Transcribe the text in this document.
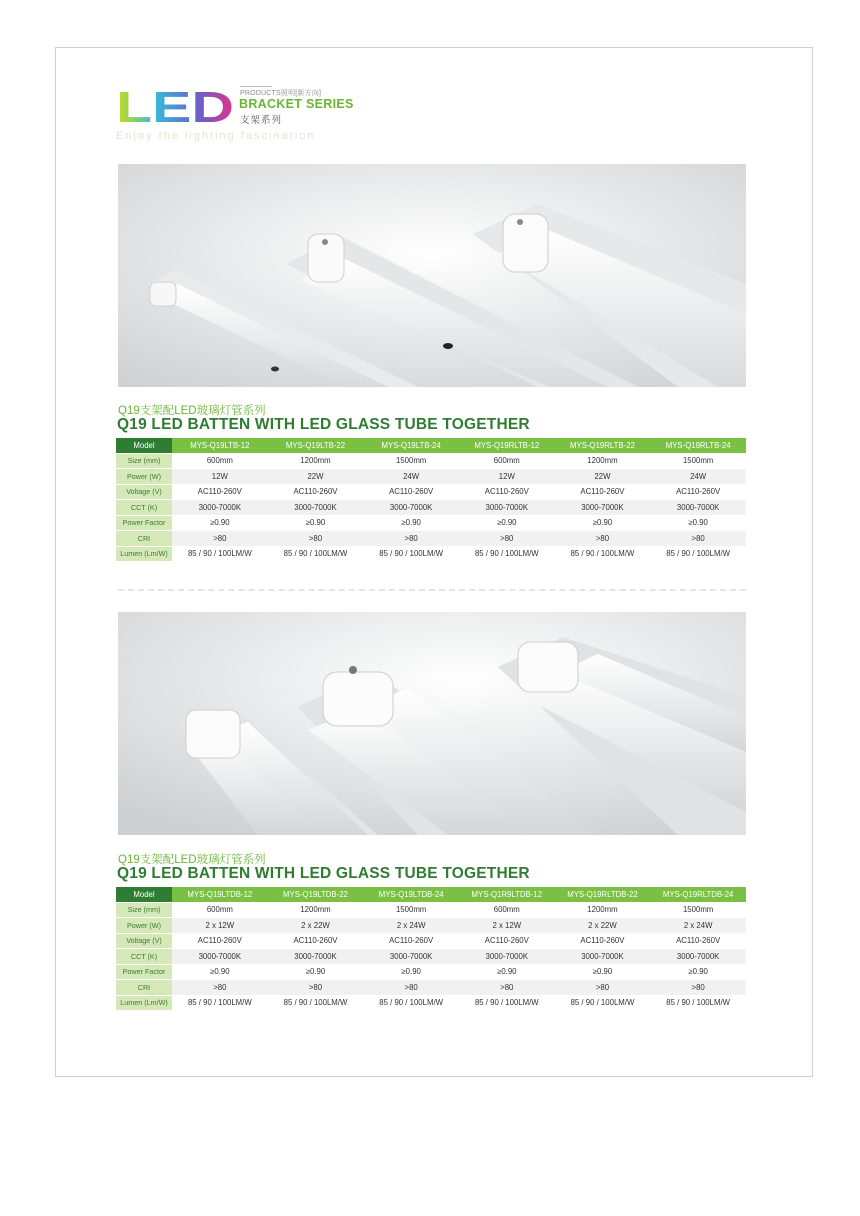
LED PRODUCTS照明[新方向]
BRACKET SERIES
支架系列
Enjoy the lighting fascination
Q19支架配LED玻璃灯管系列
Q19 LED BATTEN WITH LED GLASS TUBE TOGETHER
Model	MYS-Q19LTB-12	MYS-Q19LTB-22	MYS-Q19LTB-24	MYS-Q19RLTB-12	MYS-Q19RLTB-22	MYS-Q19RLTB-24
Size (mm)	600mm	1200mm	1500mm	600mm	1200mm	1500mm
Power (W)	12W	22W	24W	12W	22W	24W
Voltage (V)	AC110-260V	AC110-260V	AC110-260V	AC110-260V	AC110-260V	AC110-260V
CCT (K)	3000-7000K	3000-7000K	3000-7000K	3000-7000K	3000-7000K	3000-7000K
Power Factor	≥0.90	≥0.90	≥0.90	≥0.90	≥0.90	≥0.90
CRI	>80	>80	>80	>80	>80	>80
Lumen (Lm/W)	85 / 90 / 100LM/W	85 / 90 / 100LM/W	85 / 90 / 100LM/W	85 / 90 / 100LM/W	85 / 90 / 100LM/W	85 / 90 / 100LM/W
Q19支架配LED玻璃灯管系列
Q19 LED BATTEN WITH LED GLASS TUBE TOGETHER
Model	MYS-Q19LTDB-12	MYS-Q19LTDB-22	MYS-Q19LTDB-24	MYS-Q1R9LTDB-12	MYS-Q19RLTDB-22	MYS-Q19RLTDB-24
Size (mm)	600mm	1200mm	1500mm	600mm	1200mm	1500mm
Power (W)	2 x 12W	2 x 22W	2 x 24W	2 x 12W	2 x 22W	2 x 24W
Voltage (V)	AC110-260V	AC110-260V	AC110-260V	AC110-260V	AC110-260V	AC110-260V
CCT (K)	3000-7000K	3000-7000K	3000-7000K	3000-7000K	3000-7000K	3000-7000K
Power Factor	≥0.90	≥0.90	≥0.90	≥0.90	≥0.90	≥0.90
CRI	>80	>80	>80	>80	>80	>80
Lumen (Lm/W)	85 / 90 / 100LM/W	85 / 90 / 100LM/W	85 / 90 / 100LM/W	85 / 90 / 100LM/W	85 / 90 / 100LM/W	85 / 90 / 100LM/W
